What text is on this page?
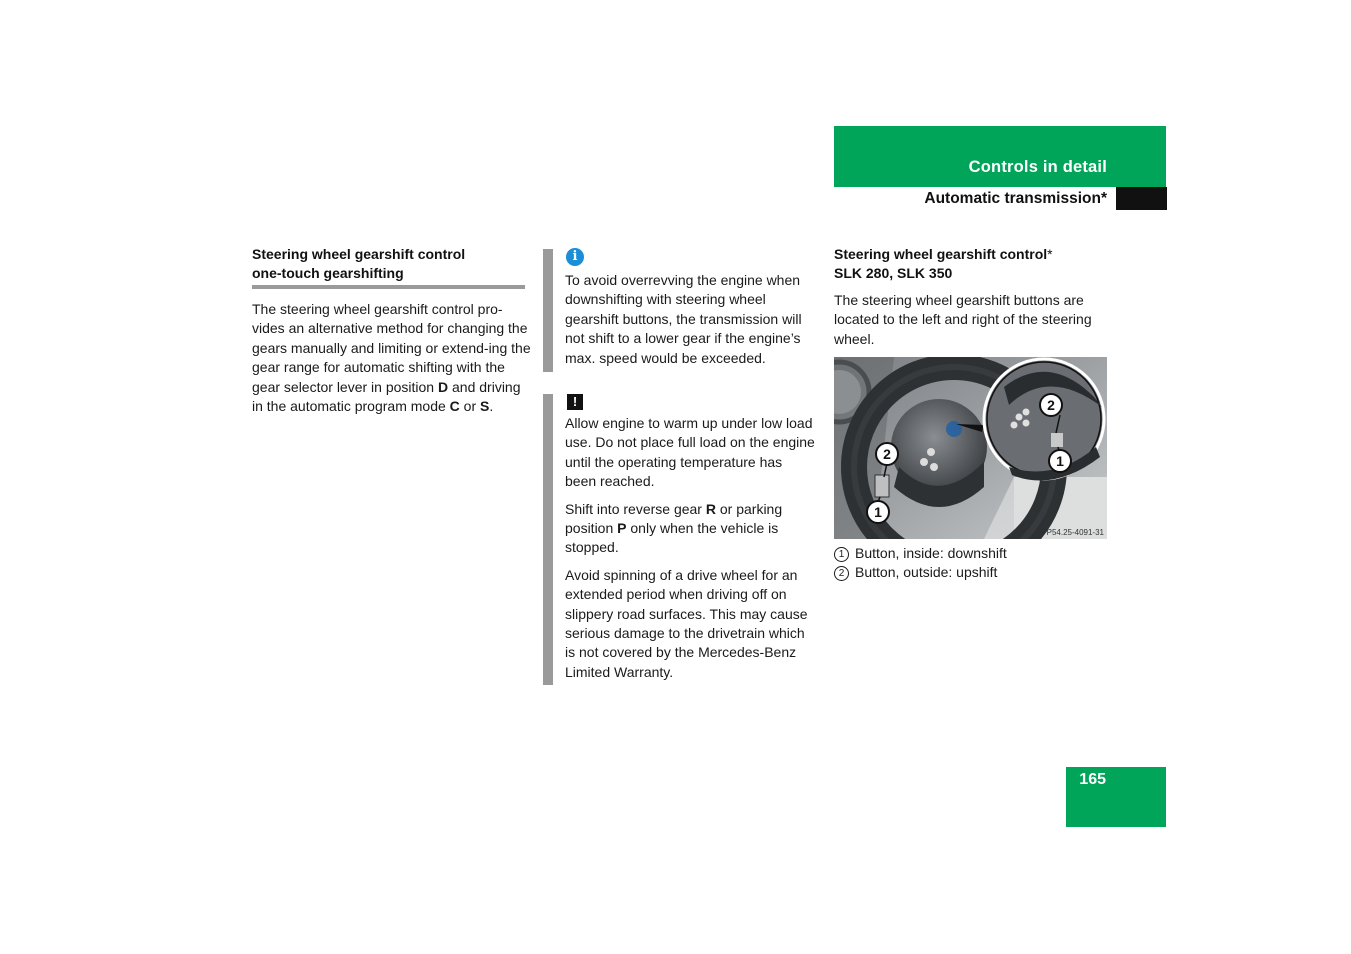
Controls in detail
Automatic transmission*
Steering wheel gearshift control
one-touch gearshifting
The steering wheel gearshift control pro-vides an alternative method for changing the gears manually and limiting or extend-ing the gear range for automatic shifting with the gear selector lever in position D and driving in the automatic program mode C or S.
i
To avoid overrevving the engine when downshifting with steering wheel gearshift buttons, the transmission will not shift to a lower gear if the engine’s max. speed would be exceeded.
!

Allow engine to warm up under low load use. Do not place full load on the engine until the operating temperature has been reached.

Shift into reverse gear R or parking position P only when the vehicle is stopped.

Avoid spinning of a drive wheel for an extended period when driving off on slippery road surfaces. This may cause serious damage to the drivetrain which is not covered by the Mercedes-Benz Limited Warranty.

Steering wheel gearshift control*
SLK 280, SLK 350
The steering wheel gearshift buttons are located to the left and right of the steering wheel.
2
1
2
1
P54.25-4091-31
1 Button, inside: downshift
2 Button, outside: upshift
165
